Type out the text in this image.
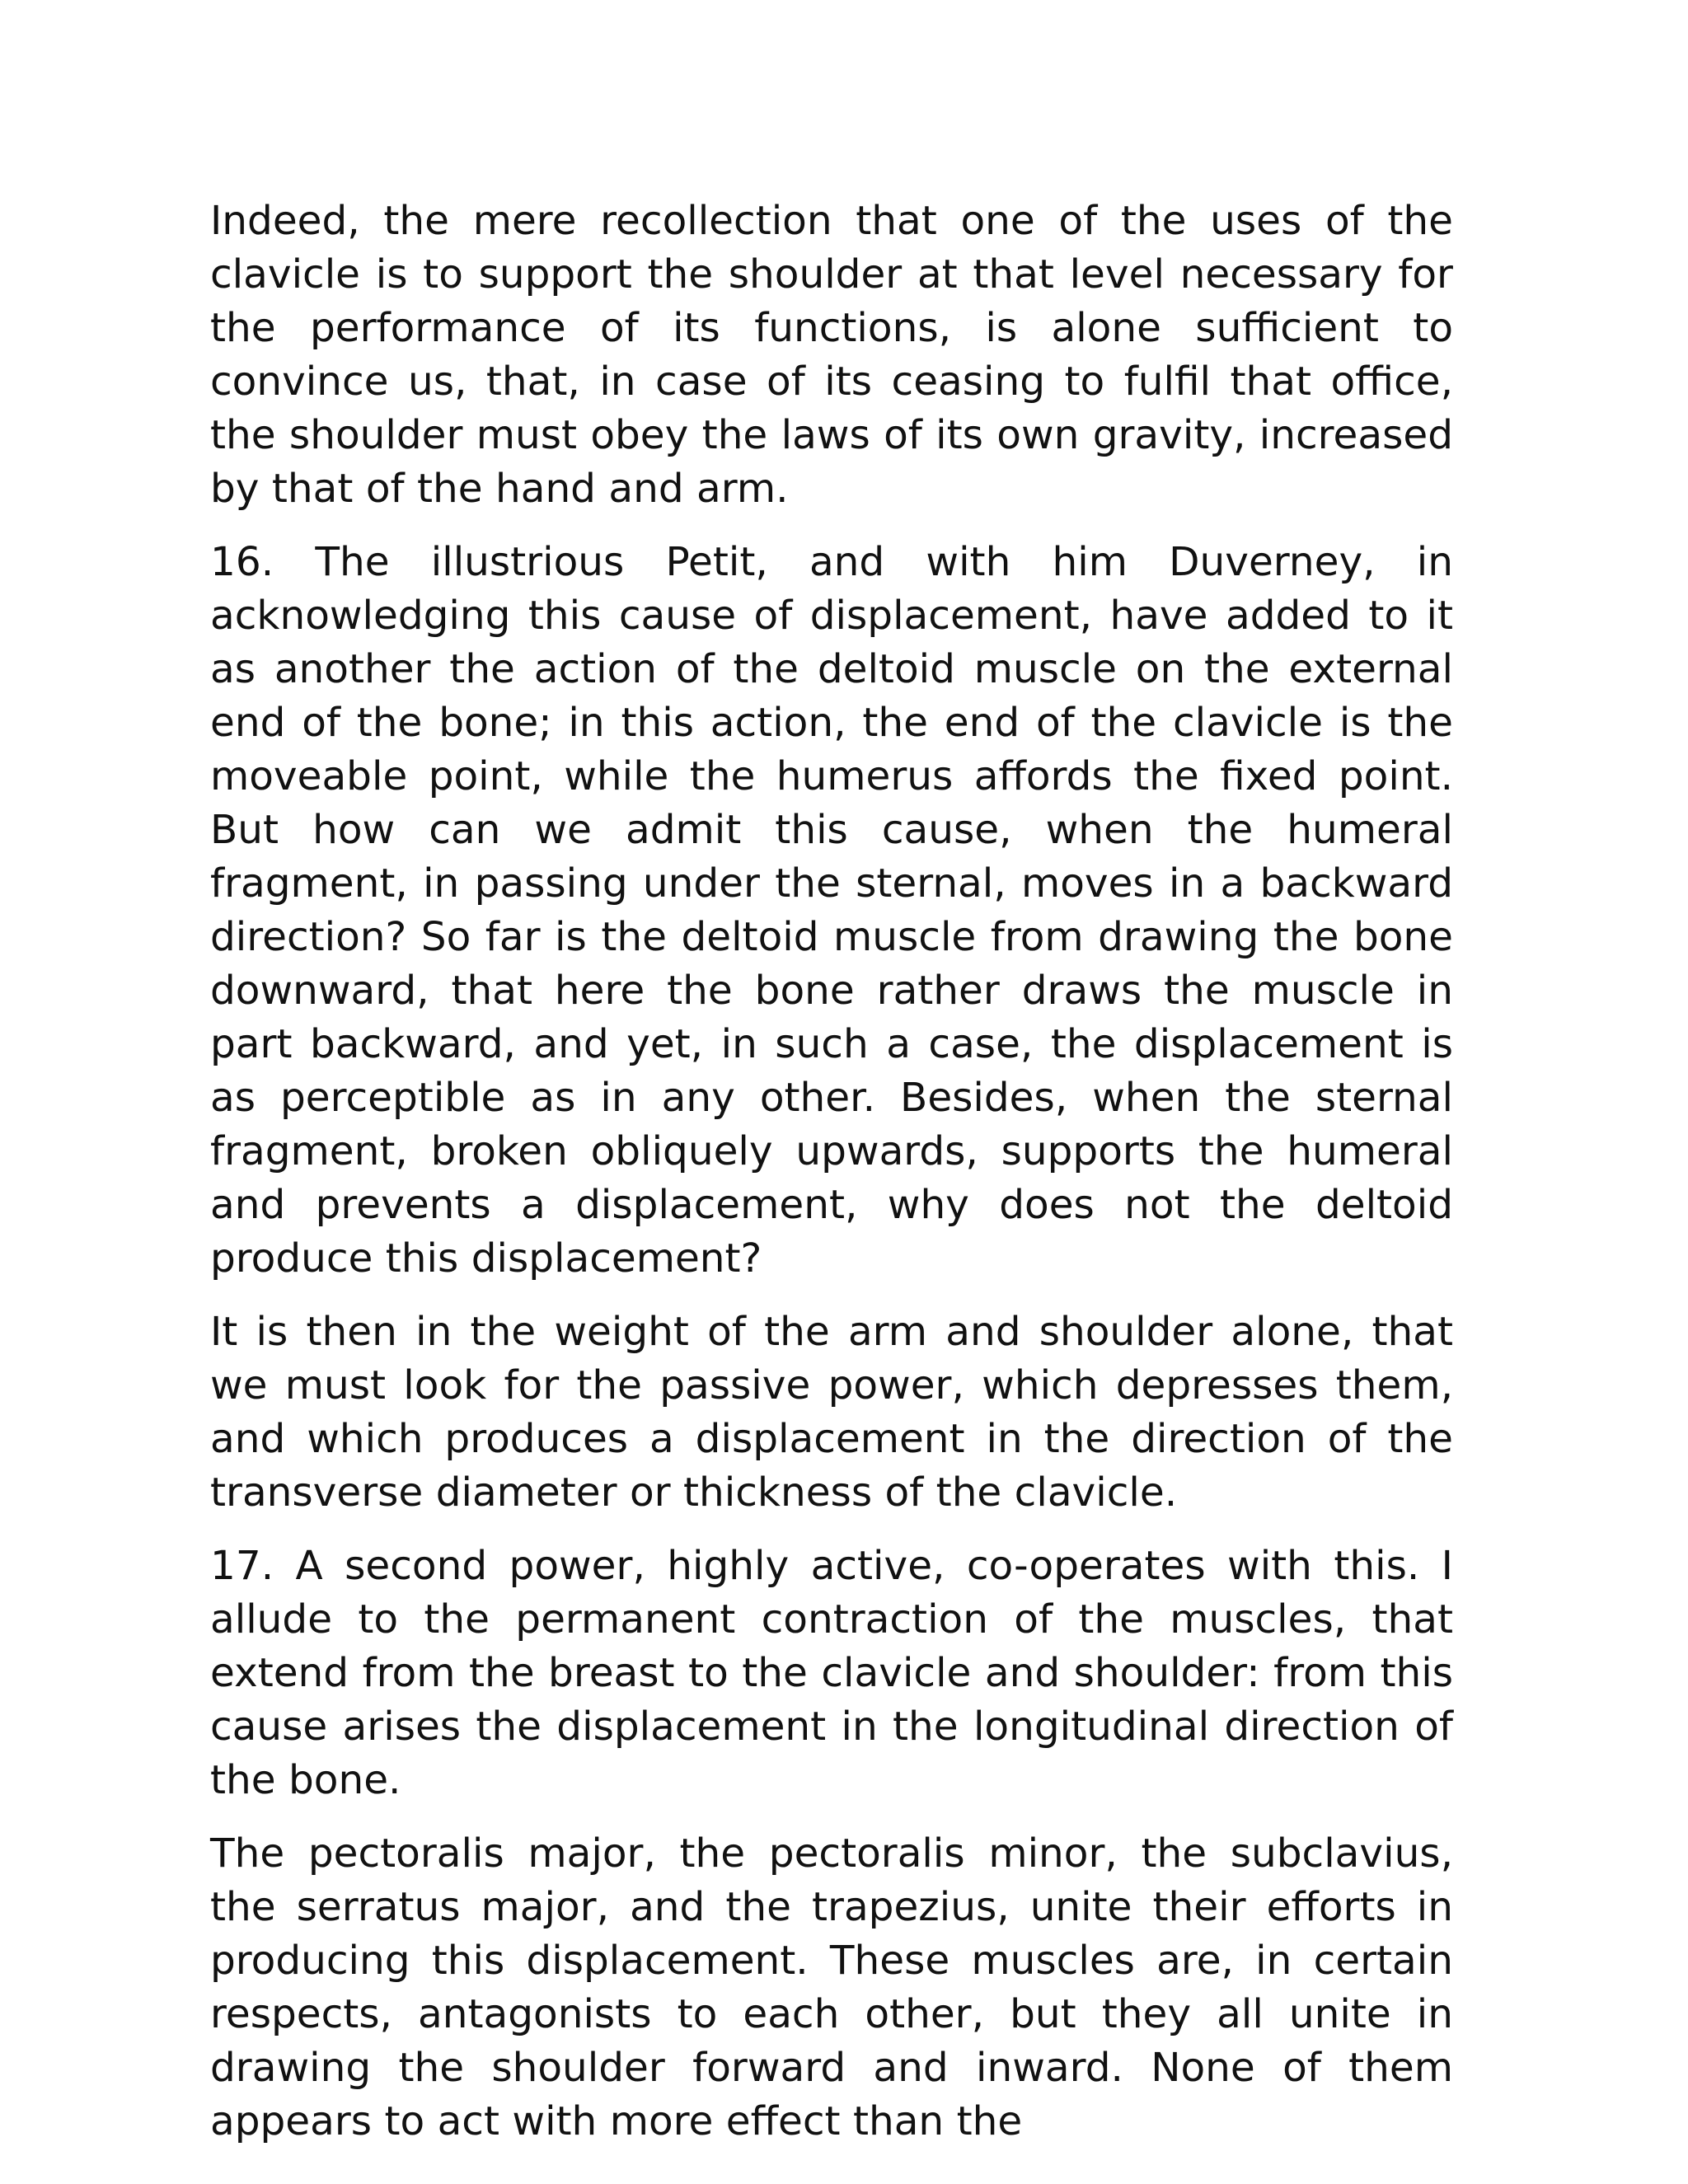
Indeed, the mere recollection that one of the uses of the clavicle is to support the shoulder at that level necessary for the performance of its functions, is alone sufficient to convince us, that, in case of its ceasing to fulfil that office, the shoulder must obey the laws of its own gravity, increased by that of the hand and arm.

16. The illustrious Petit, and with him Duverney, in acknowledging this cause of displacement, have added to it as another the action of the deltoid muscle on the external end of the bone; in this action, the end of the clavicle is the moveable point, while the humerus affords the fixed point. But how can we admit this cause, when the humeral fragment, in passing under the sternal, moves in a backward direction? So far is the deltoid muscle from drawing the bone downward, that here the bone rather draws the muscle in part backward, and yet, in such a case, the displacement is as perceptible as in any other. Besides, when the sternal fragment, broken obliquely upwards, supports the humeral and prevents a displacement, why does not the deltoid produce this displacement?

It is then in the weight of the arm and shoulder alone, that we must look for the passive power, which depresses them, and which produces a displacement in the direction of the transverse diameter or thickness of the clavicle.

17. A second power, highly active, co-operates with this. I allude to the permanent contraction of the muscles, that extend from the breast to the clavicle and shoulder: from this cause arises the displacement in the longitudinal direction of the bone.

The pectoralis major, the pectoralis minor, the subclavius, the serratus major, and the trapezius, unite their efforts in producing this displacement. These muscles are, in certain respects, antagonists to each other, but they all unite in drawing the shoulder forward and inward. None of them appears to act with more effect than the
